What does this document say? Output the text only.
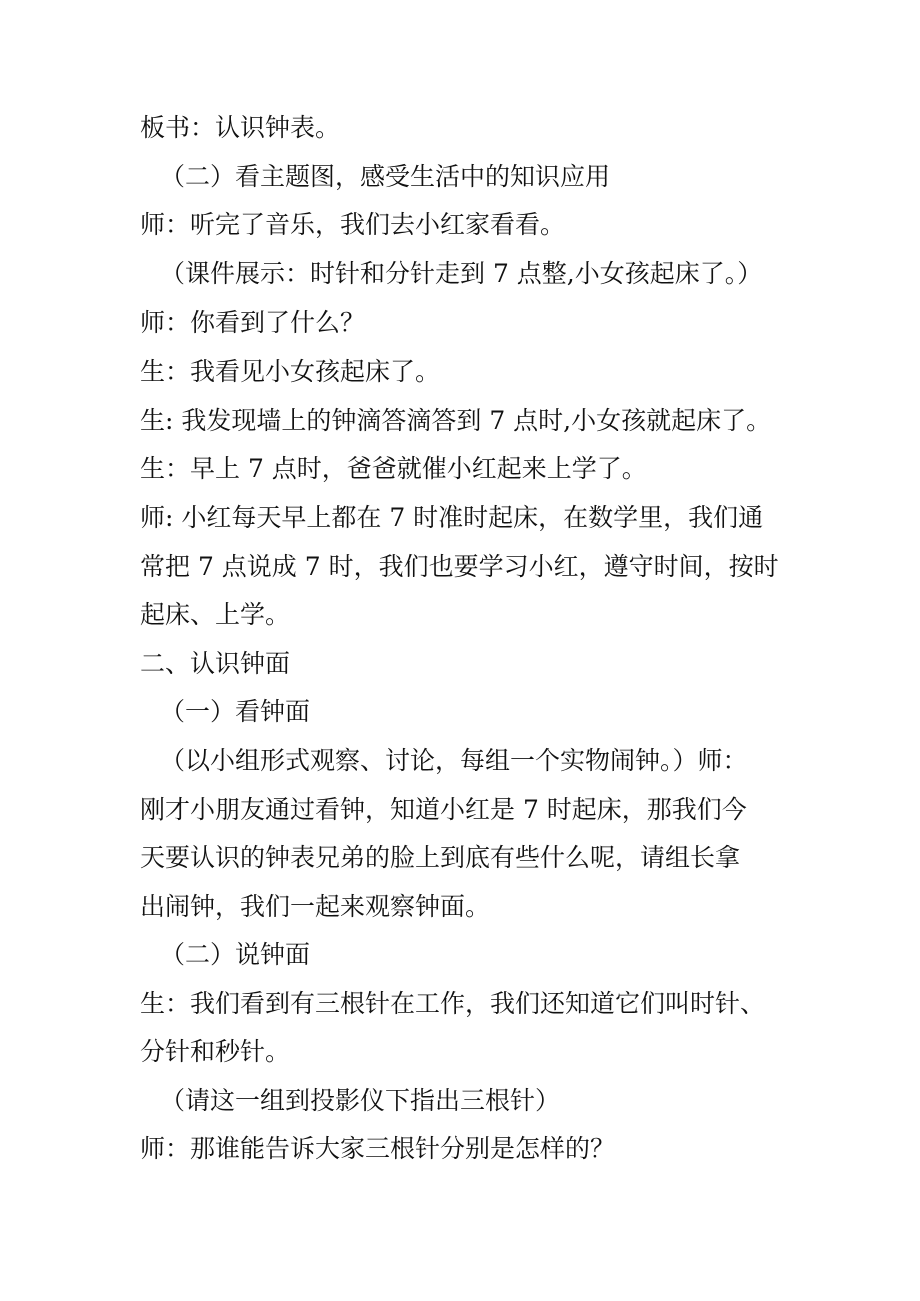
板书：认识钟表。
（二）看主题图，感受生活中的知识应用
师：听完了音乐，我们去小红家看看。
（课件展示：时针和分针走到 7 点整,小女孩起床了。）
师：你看到了什么？
生：我看见小女孩起床了。
生: 我发现墙上的钟滴答滴答到 7 点时,小女孩就起床了。
生：早上 7 点时，爸爸就催小红起来上学了。
师: 小红每天早上都在 7 时准时起床，在数学里，我们通
常把 7 点说成 7 时，我们也要学习小红，遵守时间，按时
起床、上学。
二、认识钟面
（一）看钟面
（以小组形式观察、讨论，每组一个实物闹钟。）师：
刚才小朋友通过看钟，知道小红是 7 时起床，那我们今
天要认识的钟表兄弟的脸上到底有些什么呢，请组长拿
出闹钟，我们一起来观察钟面。
（二）说钟面
生：我们看到有三根针在工作，我们还知道它们叫时针、
分针和秒针。
（请这一组到投影仪下指出三根针）
师：那谁能告诉大家三根针分别是怎样的？
